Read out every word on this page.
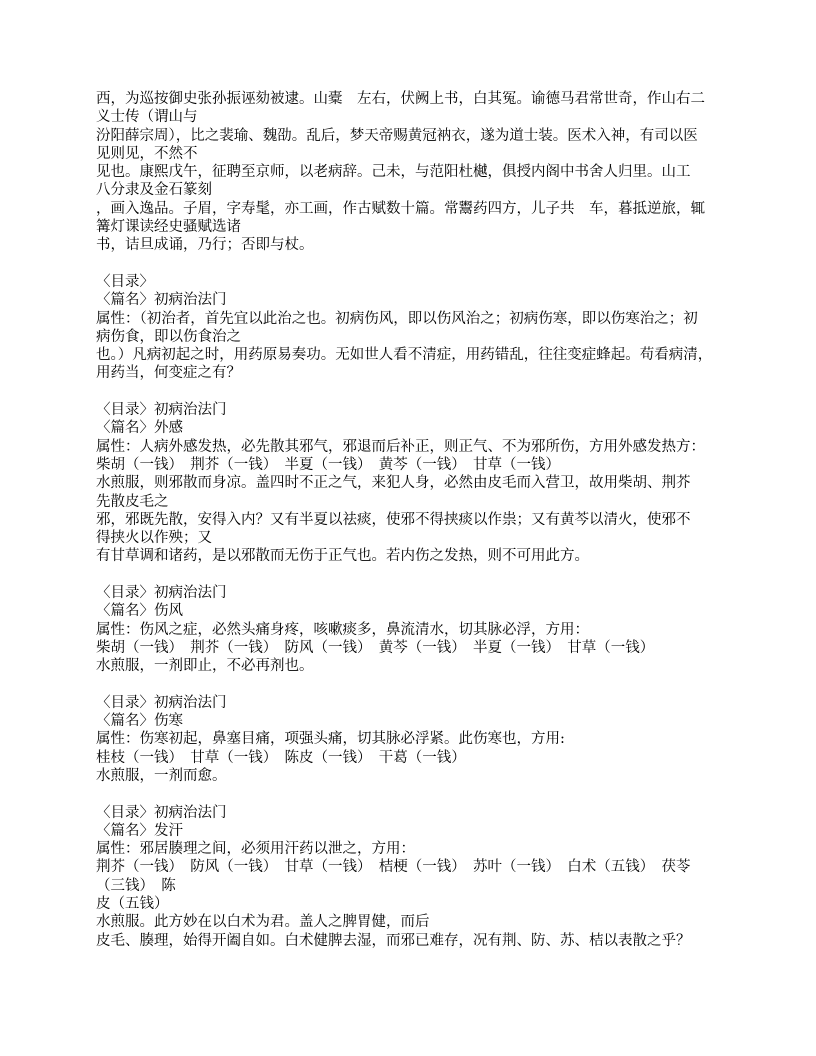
西，为巡按御史张孙振诬劾被逮。山橐　左右，伏阙上书，白其冤。谕德马君常世奇，作山右二
义士传（谓山与
汾阳薛宗周），比之裴瑜、魏劭。乱后，梦天帝赐黄冠衲衣，遂为道士装。医术入神，有司以医
见则见，不然不
见也。康熙戊午，征聘至京师，以老病辞。己未，与范阳杜樾，俱授内阁中书舍人归里。山工
八分隶及金石篆刻
，画入逸品。子眉，字寿髦，亦工画，作古赋数十篇。常鬻药四方，儿子共　车，暮抵逆旅，辄
篝灯课读经史骚赋选诸
书，诘旦成诵，乃行；否即与杖。
〈目录〉
〈篇名〉初病治法门
属性：（初治者，首先宜以此治之也。初病伤风，即以伤风治之；初病伤寒，即以伤寒治之；初
病伤食，即以伤食治之
也。）凡病初起之时，用药原易奏功。无如世人看不清症，用药错乱，往往变症蜂起。苟看病清，
用药当，何变症之有？
〈目录〉初病治法门
〈篇名〉外感
属性：人病外感发热，必先散其邪气，邪退而后补正，则正气、不为邪所伤，方用外感发热方：
柴胡（一钱）　荆芥（一钱）　半夏（一钱）　黄芩（一钱）　甘草（一钱）
水煎服，则邪散而身凉。盖四时不正之气，来犯人身，必然由皮毛而入营卫，故用柴胡、荆芥
先散皮毛之
邪，邪既先散，安得入内？又有半夏以祛痰，使邪不得挟痰以作祟；又有黄芩以清火，使邪不
得挟火以作殃；又
有甘草调和诸药，是以邪散而无伤于正气也。若内伤之发热，则不可用此方。
〈目录〉初病治法门
〈篇名〉伤风
属性：伤风之症，必然头痛身疼，咳嗽痰多，鼻流清水，切其脉必浮，方用：
柴胡（一钱）　荆芥（一钱）　防风（一钱）　黄芩（一钱）　半夏（一钱）　甘草（一钱）
水煎服，一剂即止，不必再剂也。
〈目录〉初病治法门
〈篇名〉伤寒
属性：伤寒初起，鼻塞目痛，项强头痛，切其脉必浮紧。此伤寒也，方用:
桂枝（一钱）　甘草（一钱）　陈皮（一钱）　干葛（一钱）
水煎服，一剂而愈。
〈目录〉初病治法门
〈篇名〉发汗
属性：邪居腠理之间，必须用汗药以泄之，方用：
荆芥（一钱）　防风（一钱）　甘草（一钱）　桔梗（一钱）　苏叶（一钱）　白术（五钱）　茯苓
（三钱）　陈
皮（五钱）
水煎服。此方妙在以白术为君。盖人之脾胃健，而后
皮毛、腠理，始得开阖自如。白术健脾去湿，而邪已难存，况有荆、防、苏、桔以表散之乎？
